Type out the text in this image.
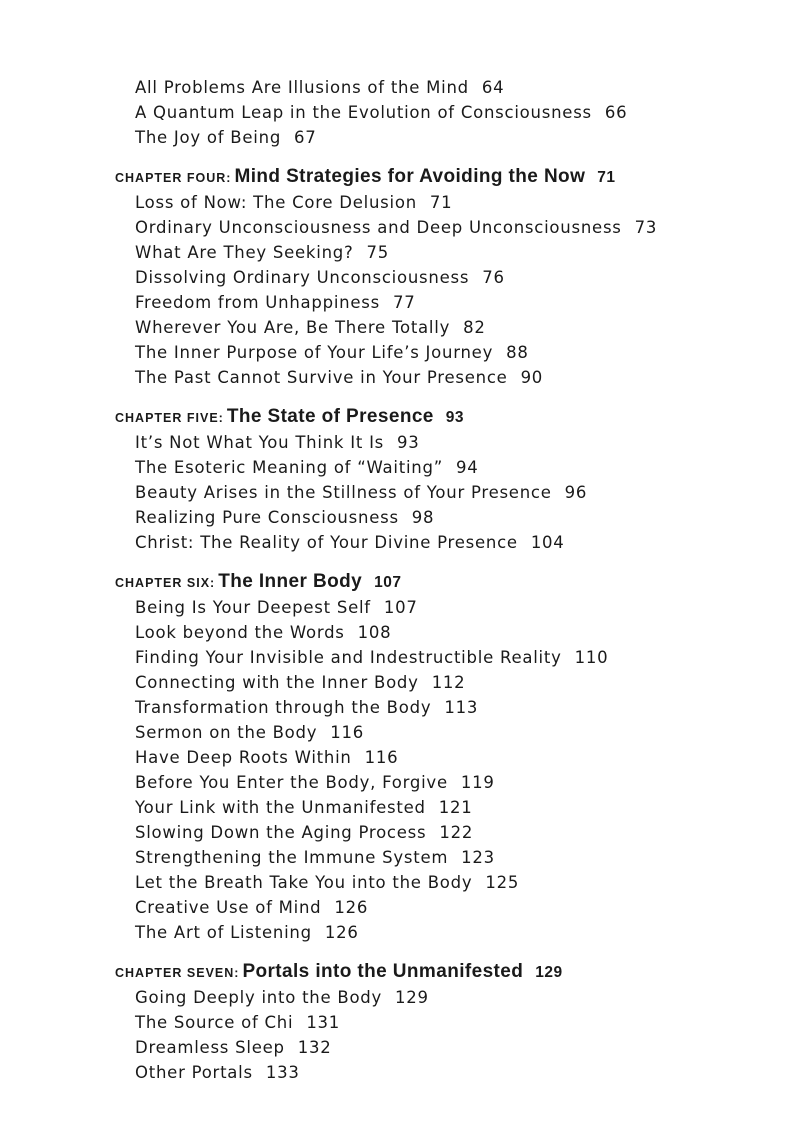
All Problems Are Illusions of the Mind 64
A Quantum Leap in the Evolution of Consciousness 66
The Joy of Being 67
CHAPTER FOUR: Mind Strategies for Avoiding the Now 71
Loss of Now: The Core Delusion 71
Ordinary Unconsciousness and Deep Unconsciousness 73
What Are They Seeking? 75
Dissolving Ordinary Unconsciousness 76
Freedom from Unhappiness 77
Wherever You Are, Be There Totally 82
The Inner Purpose of Your Life’s Journey 88
The Past Cannot Survive in Your Presence 90
CHAPTER FIVE: The State of Presence 93
It’s Not What You Think It Is 93
The Esoteric Meaning of “Waiting” 94
Beauty Arises in the Stillness of Your Presence 96
Realizing Pure Consciousness 98
Christ: The Reality of Your Divine Presence 104
CHAPTER SIX: The Inner Body 107
Being Is Your Deepest Self 107
Look beyond the Words 108
Finding Your Invisible and Indestructible Reality 110
Connecting with the Inner Body 112
Transformation through the Body 113
Sermon on the Body 116
Have Deep Roots Within 116
Before You Enter the Body, Forgive 119
Your Link with the Unmanifested 121
Slowing Down the Aging Process 122
Strengthening the Immune System 123
Let the Breath Take You into the Body 125
Creative Use of Mind 126
The Art of Listening 126
CHAPTER SEVEN: Portals into the Unmanifested 129
Going Deeply into the Body 129
The Source of Chi 131
Dreamless Sleep 132
Other Portals 133
